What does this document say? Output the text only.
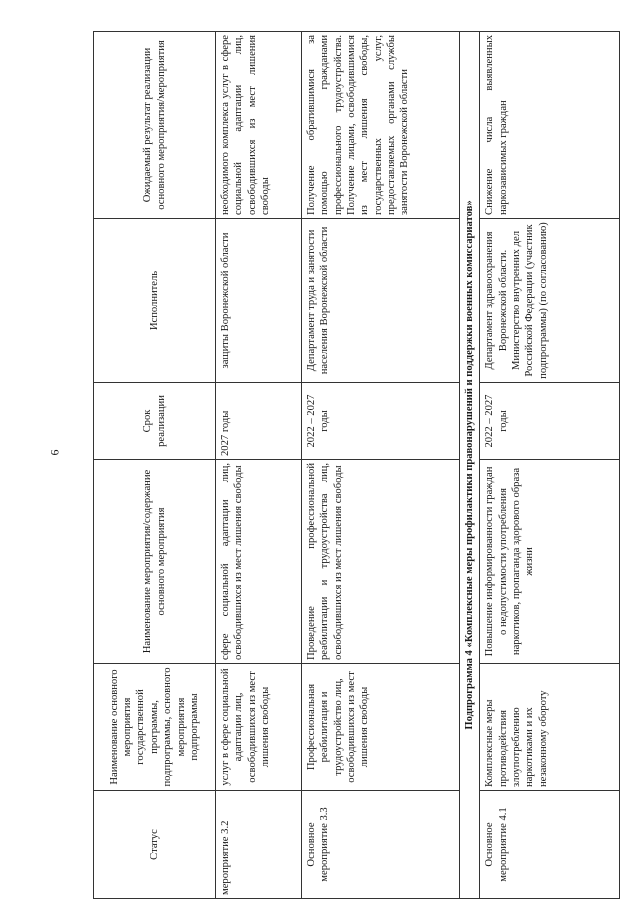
6
Статус	Наименование основного мероприятия государственной программы, подпрограммы, основного мероприятия подпрограммы	Наименование мероприятия/содержание основного мероприятия	Срок реализации	Исполнитель	Ожидаемый результат реализации основного мероприятия/мероприятия
мероприятие 3.2	услуг в сфере социальной адаптации лиц, освободившихся из мест лишения свободы	сфере социальной адаптации лиц, освободившихся из мест лишения свободы	2027 годы	защиты Воронежской области	необходимого комплекса услуг в сфере социальной адаптации лиц, освободившихся из мест лишения свободы
Основное мероприятие 3.3	Профессиональная реабилитация и трудоустройство лиц, освободившихся из мест лишения свободы	Проведение профессиональной реабилитации и трудоустройства лиц, освободившихся из мест лишения свободы	2022 – 2027 годы	Департамент труда и занятости населения Воронежской области	Получение обратившимися за помощью гражданами профессионального трудоустройства. Получение лицами, освободившимися из мест лишения свободы, государственных услуг, предоставляемых органами службы занятости Воронежской области
Подпрограмма 4 «Комплексные меры профилактики правонарушений и поддержки военных комиссариатов»					
Основное мероприятие 4.1	Комплексные меры противодействия злоупотреблению наркотиками и их незаконному обороту	Повышение информированности граждан о недопустимости употребления наркотиков, пропаганда здорового образа жизни	2022 – 2027 годы	Департамент здравоохранения Воронежской области. Министерство внутренних дел Российской Федерации (участник подпрограммы) (по согласованию)	Снижение числа выявленных наркозависимых граждан
